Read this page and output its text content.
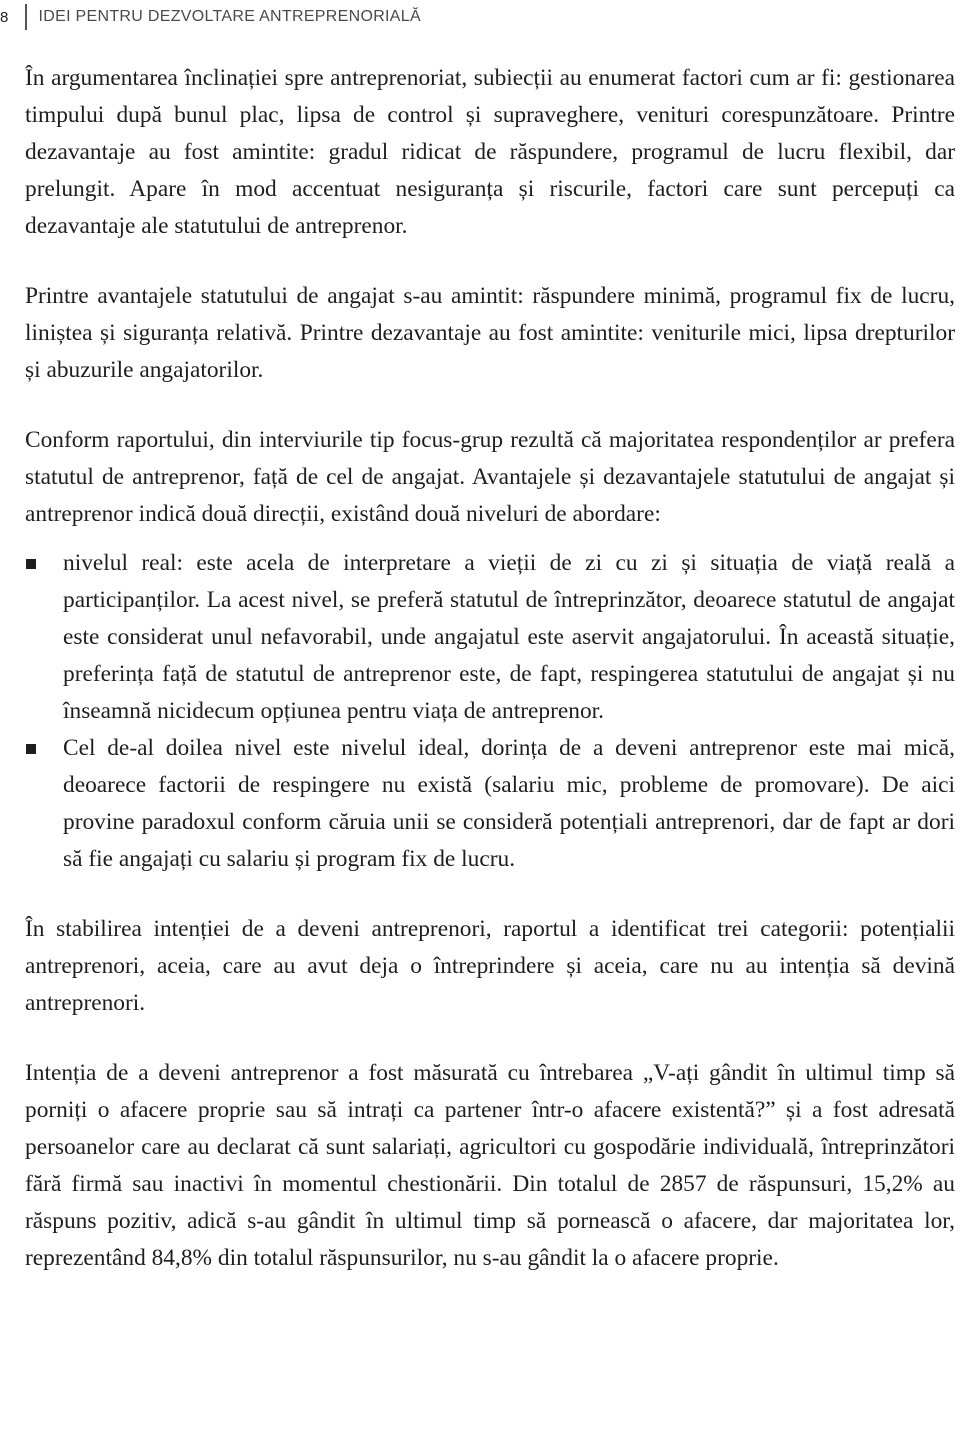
8	IDEI PENTRU DEZVOLTARE ANTREPRENORIALĂ

În argumentarea înclinației spre antreprenoriat, subiecții au enumerat factori cum ar fi: gestionarea timpului după bunul plac, lipsa de control și supraveghere, venituri corespunzătoare. Printre dezavantaje au fost amintite: gradul ridicat de răspundere, programul de lucru flexibil, dar prelungit. Apare în mod accentuat nesiguranța și riscurile, factori care sunt percepuți ca dezavantaje ale statutului de antreprenor.

Printre avantajele statutului de angajat s-au amintit: răspundere minimă, programul fix de lucru, liniștea și siguranța relativă. Printre dezavantaje au fost amintite: veniturile mici, lipsa drepturilor și abuzurile angajatorilor.

Conform raportului, din interviurile tip focus-grup rezultă că majoritatea respondenților ar prefera statutul de antreprenor, față de cel de angajat. Avantajele și dezavantajele statutului de angajat și antreprenor indică două direcții, existând două niveluri de abordare:

nivelul real: este acela de interpretare a vieții de zi cu zi și situația de viață reală a participanților. La acest nivel, se preferă statutul de întreprinzător, deoarece statutul de angajat este considerat unul nefavorabil, unde angajatul este aservit angajatorului. În această situație, preferința față de statutul de antreprenor este, de fapt, respingerea statutului de angajat și nu înseamnă nicidecum opțiunea pentru viața de antreprenor.
Cel de-al doilea nivel este nivelul ideal, dorința de a deveni antreprenor este mai mică, deoarece factorii de respingere nu există (salariu mic, probleme de promovare). De aici provine paradoxul conform căruia unii se consideră potențiali antreprenori, dar de fapt ar dori să fie angajați cu salariu și program fix de lucru.

În stabilirea intenției de a deveni antreprenori, raportul a identificat trei categorii: potențialii antreprenori, aceia, care au avut deja o întreprindere și aceia, care nu au intenția să devină antreprenori.

Intenția de a deveni antreprenor a fost măsurată cu întrebarea „V-ați gândit în ultimul timp să porniți o afacere proprie sau să intrați ca partener într-o afacere existentă?” și a fost adresată persoanelor care au declarat că sunt salariați, agricultori cu gospodărie individuală, întreprinzători fără firmă sau inactivi în momentul chestionării. Din totalul de 2857 de răspunsuri, 15,2% au răspuns pozitiv, adică s-au gândit în ultimul timp să pornească o afacere, dar majoritatea lor, reprezentând 84,8% din totalul răspunsurilor, nu s-au gândit la o afacere proprie.
